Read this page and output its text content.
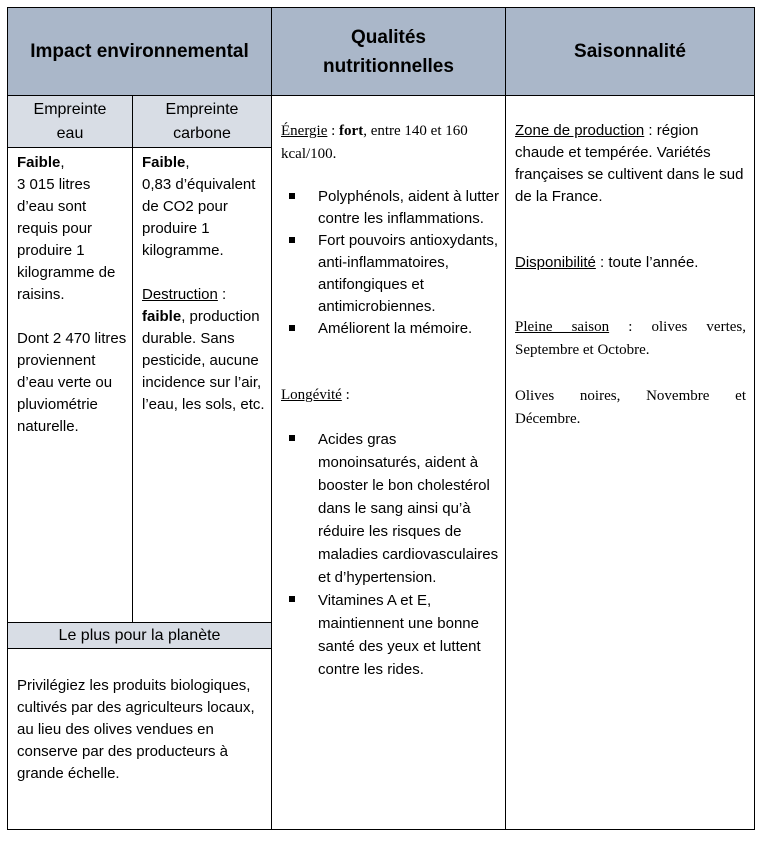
Impact environnemental
Qualités nutritionnelles
Saisonnalité
Empreinte eau
Empreinte carbone

Faible,
3 015 litres d’eau sont requis pour produire 1 kilogramme de raisins.

Dont 2 470 litres proviennent d’eau verte ou pluviométrie naturelle.

Faible,
0,83 d’équivalent de CO2 pour produire 1 kilogramme.

Destruction :
faible, production durable. Sans pesticide, aucune incidence sur l’air, l’eau, les sols, etc.

Le plus pour la planète

Privilégiez les produits biologiques, cultivés par des agriculteurs locaux, au lieu des olives vendues en conserve par des producteurs à grande échelle.

Énergie : fort, entre 140 et 160 kcal/100.

Polyphénols, aident à lutter contre les inflammations.
Fort pouvoirs antioxydants, anti-inflammatoires, antifongiques et antimicrobiennes.
Améliorent la mémoire.

Longévité :

Acides gras monoinsaturés, aident à booster le bon cholestérol dans le sang ainsi qu’à réduire les risques de maladies cardiovasculaires et d’hypertension.
Vitamines A et E, maintiennent une bonne santé des yeux et luttent contre les rides.

Zone de production : région chaude et tempérée. Variétés françaises se cultivent dans le sud de la France.

Disponibilité : toute l’année.

Pleine saison : olives vertes, Septembre et Octobre.

Olives noires, Novembre et Décembre.
